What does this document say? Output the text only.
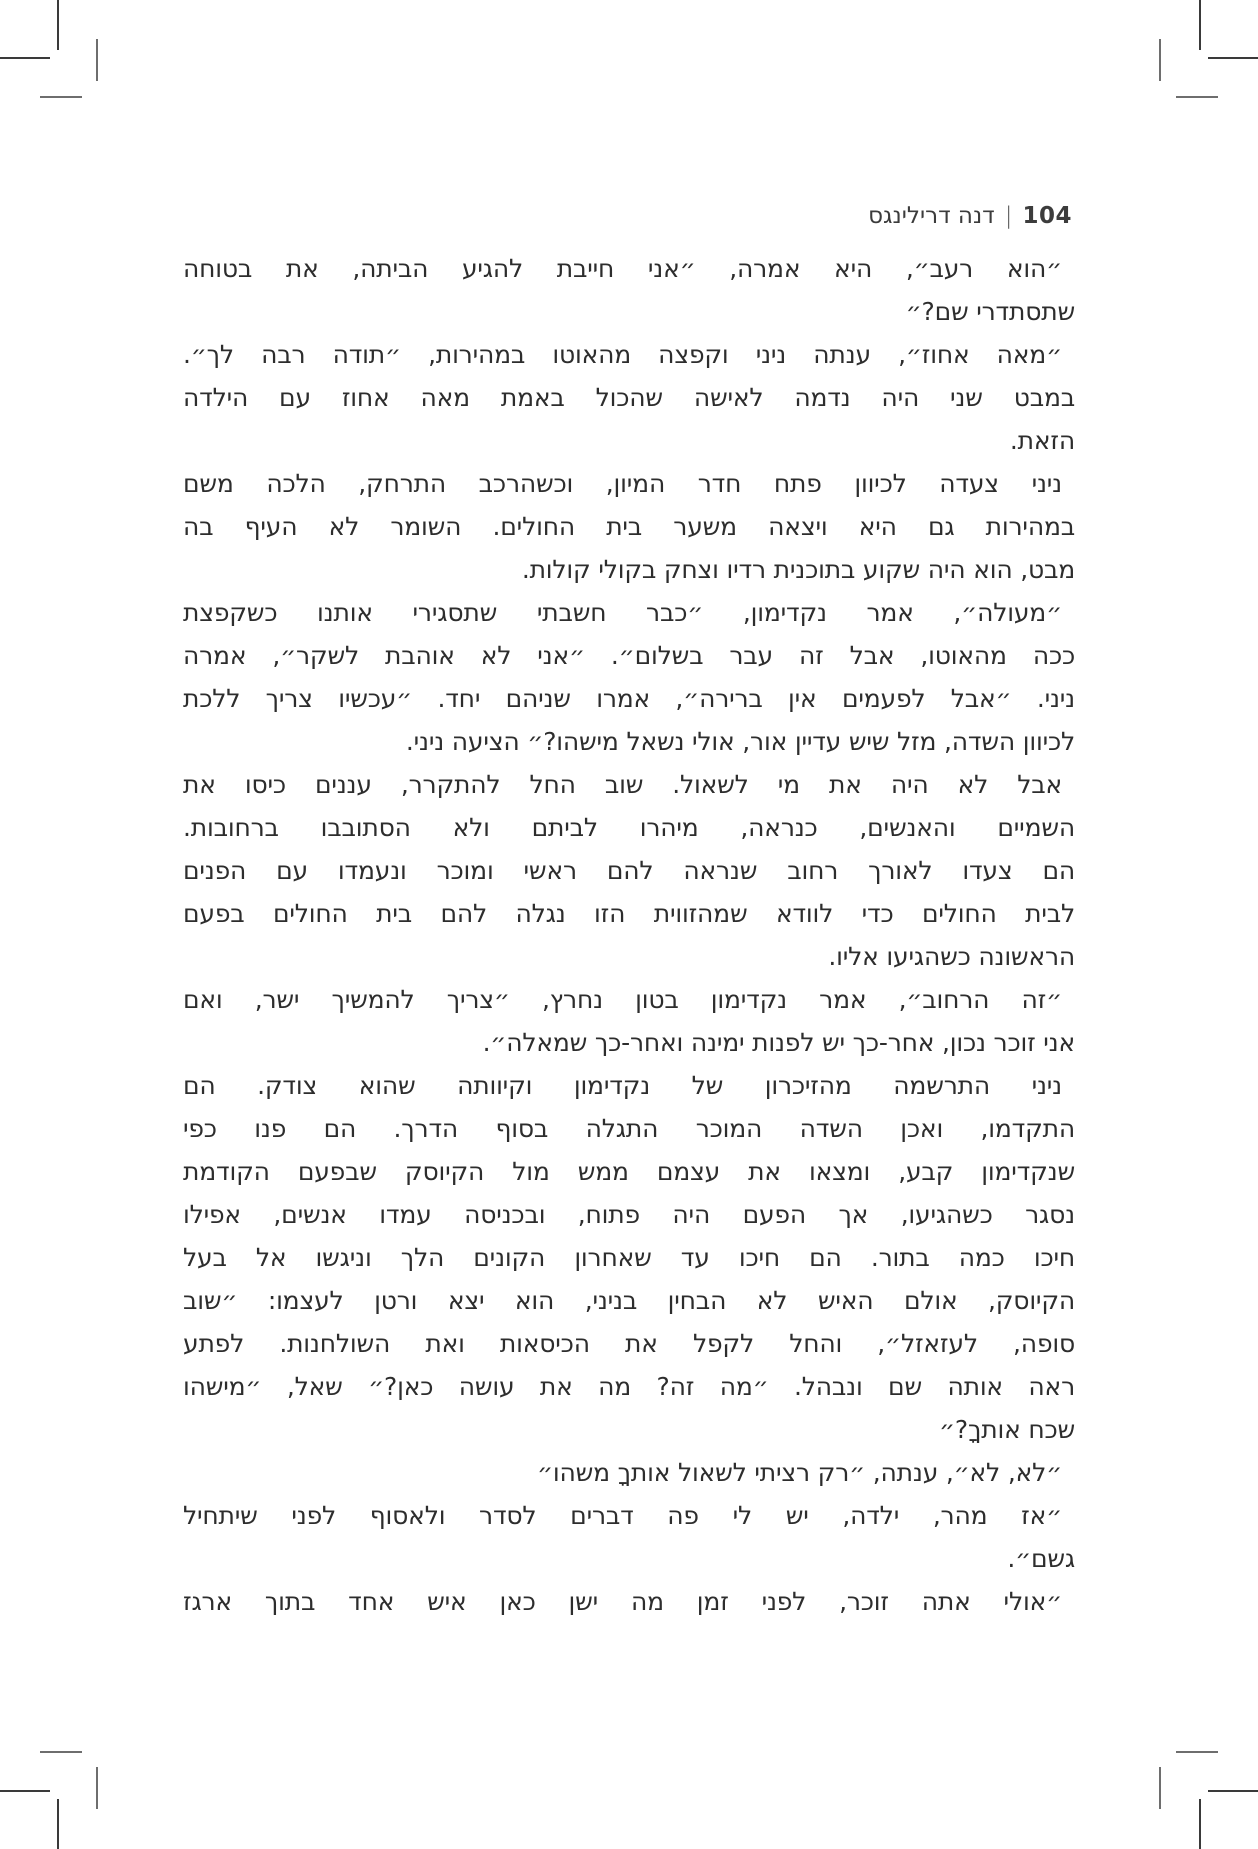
104|דנה דרילינגס

״הוא רעב״, היא אמרה, ״אני חייבת להגיע הביתה, את בטוחה
שתסתדרי שם?״

״מאה אחוז״, ענתה ניני וקפצה מהאוטו במהירות, ״תודה רבה לך״.
במבט שני היה נדמה לאישה שהכול באמת מאה אחוז עם הילדה
הזאת.

ניני צעדה לכיוון פתח חדר המיון, וכשהרכב התרחק, הלכה משם
במהירות גם היא ויצאה משער בית החולים. השומר לא העיף בה
מבט, הוא היה שקוע בתוכנית רדיו וצחק בקולי קולות.

״מעולה״, אמר נקדימון, ״כבר חשבתי שתסגירי אותנו כשקפצת
ככה מהאוטו, אבל זה עבר בשלום״. ״אני לא אוהבת לשקר״, אמרה
ניני. ״אבל לפעמים אין ברירה״, אמרו שניהם יחד. ״עכשיו צריך ללכת
לכיוון השדה, מזל שיש עדיין אור, אולי נשאל מישהו?״ הציעה ניני.

אבל לא היה את מי לשאול. שוב החל להתקרר, עננים כיסו את
השמיים והאנשים, כנראה, מיהרו לביתם ולא הסתובבו ברחובות.
הם צעדו לאורך רחוב שנראה להם ראשי ומוכר ונעמדו עם הפנים
לבית החולים כדי לוודא שמהזווית הזו נגלה להם בית החולים בפעם
הראשונה כשהגיעו אליו.

״זה הרחוב״, אמר נקדימון בטון נחרץ, ״צריך להמשיך ישר, ואם
אני זוכר נכון, אחר-כך יש לפנות ימינה ואחר-כך שמאלה״.

ניני התרשמה מהזיכרון של נקדימון וקיוותה שהוא צודק. הם
התקדמו, ואכן השדה המוכר התגלה בסוף הדרך. הם פנו כפי
שנקדימון קבע, ומצאו את עצמם ממש מול הקיוסק שבפעם הקודמת
נסגר כשהגיעו, אך הפעם היה פתוח, ובכניסה עמדו אנשים, אפילו
חיכו כמה בתור. הם חיכו עד שאחרון הקונים הלך וניגשו אל בעל
הקיוסק, אולם האיש לא הבחין בניני, הוא יצא ורטן לעצמו: ״שוב
סופה, לעזאזל״, והחל לקפל את הכיסאות ואת השולחנות. לפתע
ראה אותה שם ונבהל. ״מה זה? מה את עושה כאן?״ שאל, ״מישהו
שכח אותךָ?״

״לא, לא״, ענתה, ״רק רציתי לשאול אותךָ משהו״

״אז מהר, ילדה, יש לי פה דברים לסדר ולאסוף לפני שיתחיל
גשם״.

״אולי אתה זוכר, לפני זמן מה ישן כאן איש אחד בתוך ארגז
